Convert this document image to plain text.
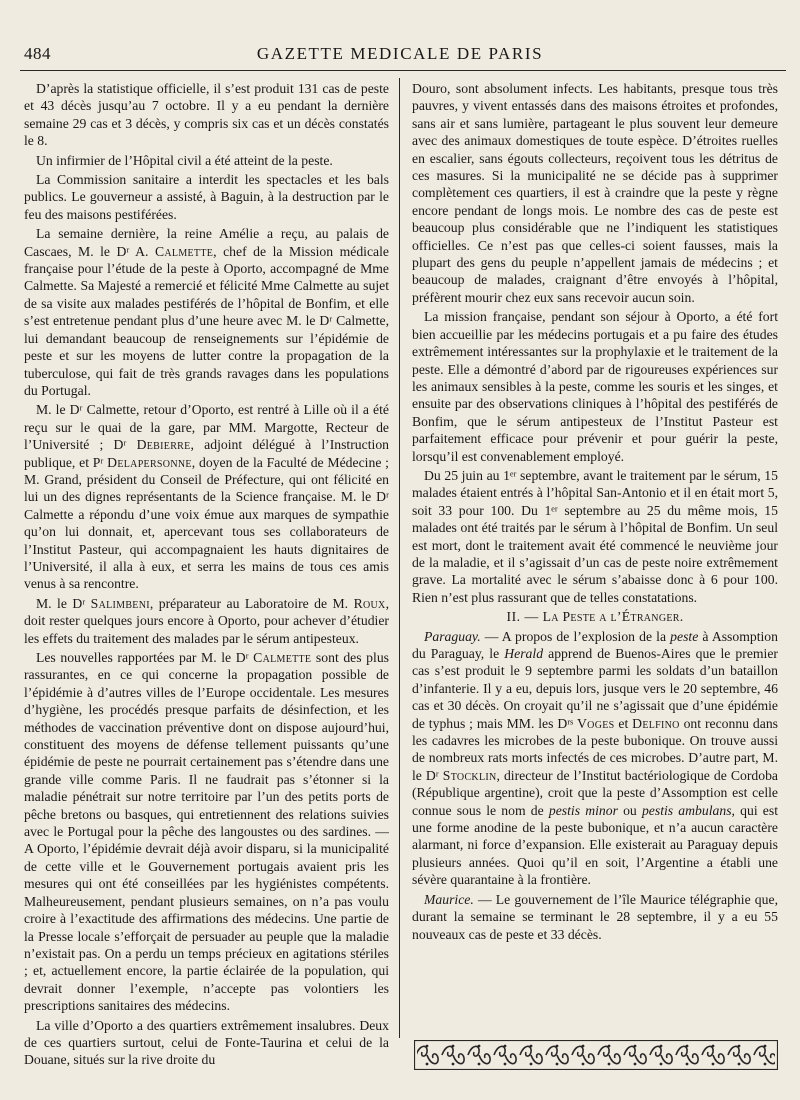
484	GAZETTE MEDICALE DE PARIS

D’après la statistique officielle, il s’est produit 131 cas de peste et 43 décès jusqu’au 7 octobre. Il y a eu pendant la dernière semaine 29 cas et 3 décès, y compris six cas et un décès constatés le 8.

Un infirmier de l’Hôpital civil a été atteint de la peste.

La Commission sanitaire a interdit les spectacles et les bals publics. Le gouverneur a assisté, à Baguin, à la destruction par le feu des maisons pestiférées.

La semaine dernière, la reine Amélie a reçu, au palais de Cascaes, M. le Dʳ A. Calmette, chef de la Mission médicale française pour l’étude de la peste à Oporto, accompagné de Mme Calmette. Sa Majesté a remercié et félicité Mme Calmette au sujet de sa visite aux malades pestiférés de l’hôpital de Bonfim, et elle s’est entretenue pendant plus d’une heure avec M. le Dʳ Calmette, lui demandant beaucoup de renseignements sur l’épidémie de peste et sur les moyens de lutter contre la propagation de la tuberculose, qui fait de très grands ravages dans les populations du Portugal.

M. le Dʳ Calmette, retour d’Oporto, est rentré à Lille où il a été reçu sur le quai de la gare, par MM. Margotte, Recteur de l’Université ; Dʳ Debierre, adjoint délégué à l’Instruction publique, et Pʳ Delapersonne, doyen de la Faculté de Médecine ; M. Grand, président du Conseil de Préfecture, qui ont félicité en lui un des dignes représentants de la Science française. M. le Dʳ Calmette a répondu d’une voix émue aux marques de sympathie qu’on lui donnait, et, apercevant tous ses collaborateurs de l’Institut Pasteur, qui accompagnaient les hauts dignitaires de l’Université, il alla à eux, et serra les mains de tous ces amis venus à sa rencontre.

M. le Dʳ Salimbeni, préparateur au Laboratoire de M. Roux, doit rester quelques jours encore à Oporto, pour achever d’étudier les effets du traitement des malades par le sérum antipesteux.

Les nouvelles rapportées par M. le Dʳ Calmette sont des plus rassurantes, en ce qui concerne la propagation possible de l’épidémie à d’autres villes de l’Europe occidentale. Les mesures d’hygiène, les procédés presque parfaits de désinfection, et les méthodes de vaccination préventive dont on dispose aujourd’hui, constituent des moyens de défense tellement puissants qu’une épidémie de peste ne pourrait certainement pas s’étendre dans une grande ville comme Paris. Il ne faudrait pas s’étonner si la maladie pénétrait sur notre territoire par l’un des petits ports de pêche bretons ou basques, qui entretiennent des relations suivies avec le Portugal pour la pêche des langoustes ou des sardines. — A Oporto, l’épidémie devrait déjà avoir disparu, si la municipalité de cette ville et le Gouvernement portugais avaient pris les mesures qui ont été conseillées par les hygiénistes compétents. Malheureusement, pendant plusieurs semaines, on n’a pas voulu croire à l’exactitude des affirmations des médecins. Une partie de la Presse locale s’efforçait de persuader au peuple que la maladie n’existait pas. On a perdu un temps précieux en agitations stériles ; et, actuellement encore, la partie éclairée de la population, qui devrait donner l’exemple, n’accepte pas volontiers les prescriptions sanitaires des médecins.

La ville d’Oporto a des quartiers extrêmement insalubres. Deux de ces quartiers surtout, celui de Fonte-Taurina et celui de la Douane, situés sur la rive droite du

Douro, sont absolument infects. Les habitants, presque tous très pauvres, y vivent entassés dans des maisons étroites et profondes, sans air et sans lumière, partageant le plus souvent leur demeure avec des animaux domestiques de toute espèce. D’étroites ruelles en escalier, sans égouts collecteurs, reçoivent tous les détritus de ces masures. Si la municipalité ne se décide pas à supprimer complètement ces quartiers, il est à craindre que la peste y règne encore pendant de longs mois. Le nombre des cas de peste est beaucoup plus considérable que ne l’indiquent les statistiques officielles. Ce n’est pas que celles-ci soient fausses, mais la plupart des gens du peuple n’appellent jamais de médecins ; et beaucoup de malades, craignant d’être envoyés à l’hôpital, préfèrent mourir chez eux sans recevoir aucun soin.

La mission française, pendant son séjour à Oporto, a été fort bien accueillie par les médecins portugais et a pu faire des études extrêmement intéressantes sur la prophylaxie et le traitement de la peste. Elle a démontré d’abord par de rigoureuses expériences sur les animaux sensibles à la peste, comme les souris et les singes, et ensuite par des observations cliniques à l’hôpital des pestiférés de Bonfim, que le sérum antipesteux de l’Institut Pasteur est parfaitement efficace pour prévenir et pour guérir la peste, lorsqu’il est convenablement employé.

Du 25 juin au 1ᵉʳ septembre, avant le traitement par le sérum, 15 malades étaient entrés à l’hôpital San-Antonio et il en était mort 5, soit 33 pour 100. Du 1ᵉʳ septembre au 25 du même mois, 15 malades ont été traités par le sérum à l’hôpital de Bonfim. Un seul est mort, dont le traitement avait été commencé le neuvième jour de la maladie, et il s’agissait d’un cas de peste noire extrêmement grave. La mortalité avec le sérum s’abaisse donc à 6 pour 100. Rien n’est plus rassurant que de telles constatations.

II. — La Peste a l’Étranger.

Paraguay. — A propos de l’explosion de la peste à Assomption du Paraguay, le Herald apprend de Buenos-Aires que le premier cas s’est produit le 9 septembre parmi les soldats d’un bataillon d’infanterie. Il y a eu, depuis lors, jusque vers le 20 septembre, 46 cas et 30 décès. On croyait qu’il ne s’agissait que d’une épidémie de typhus ; mais MM. les Dʳˢ Voges et Delfino ont reconnu dans les cadavres les microbes de la peste bubonique. On trouve aussi de nombreux rats morts infectés de ces microbes. D’autre part, M. le Dʳ Stocklin, directeur de l’Institut bactériologique de Cordoba (République argentine), croit que la peste d’Assomption est celle connue sous le nom de pestis minor ou pestis ambulans, qui est une forme anodine de la peste bubonique, et n’a aucun caractère alarmant, ni force d’expansion. Elle existerait au Paraguay depuis plusieurs années. Quoi qu’il en soit, l’Argentine a établi une sévère quarantaine à la frontière.

Maurice. — Le gouvernement de l’île Maurice télégraphie que, durant la semaine se terminant le 28 septembre, il y a eu 55 nouveaux cas de peste et 33 décès.
